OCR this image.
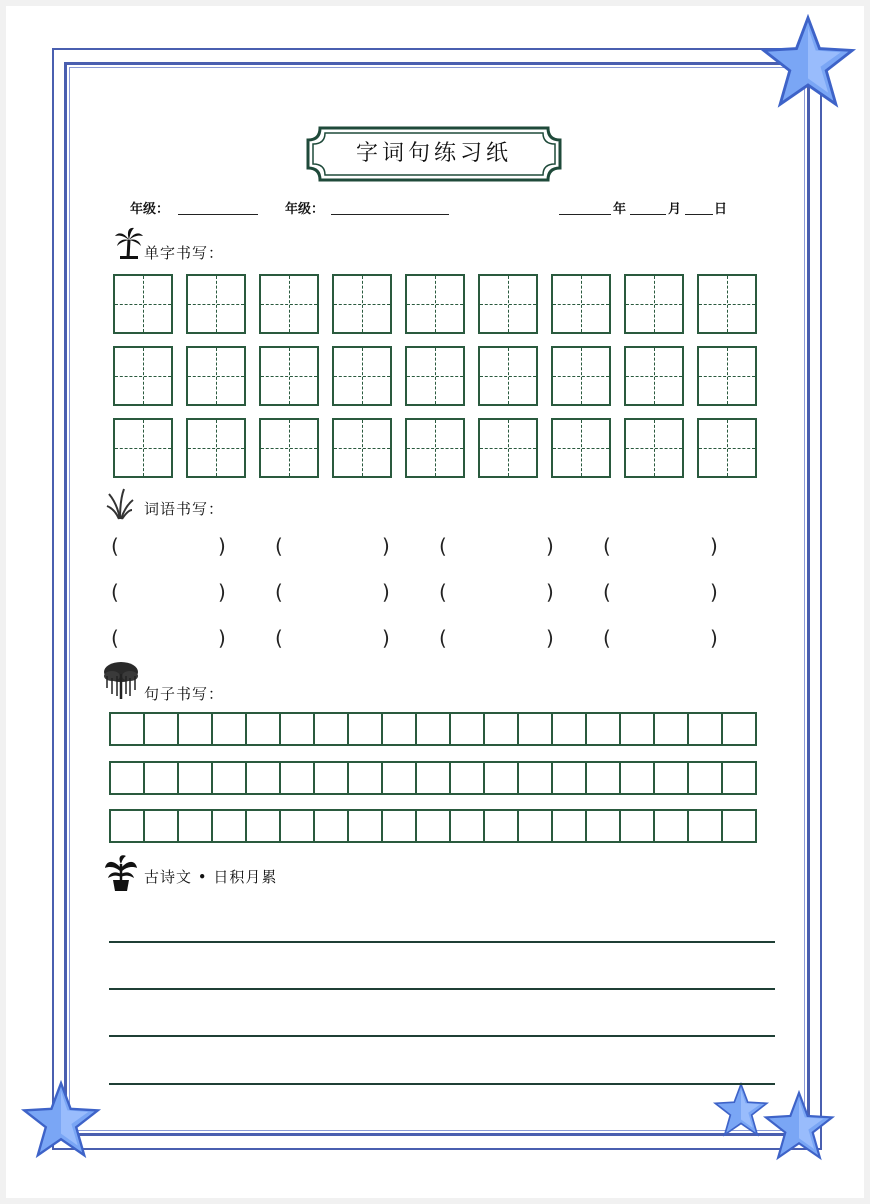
字词句练习纸
年级：	年级：	年	月	日
单字书写：
词语书写：
(	) (	) (	) (	)
(	) (	) (	) (	)
(	) (	) (	) (	)
句子书写：
古诗文 • 日积月累
